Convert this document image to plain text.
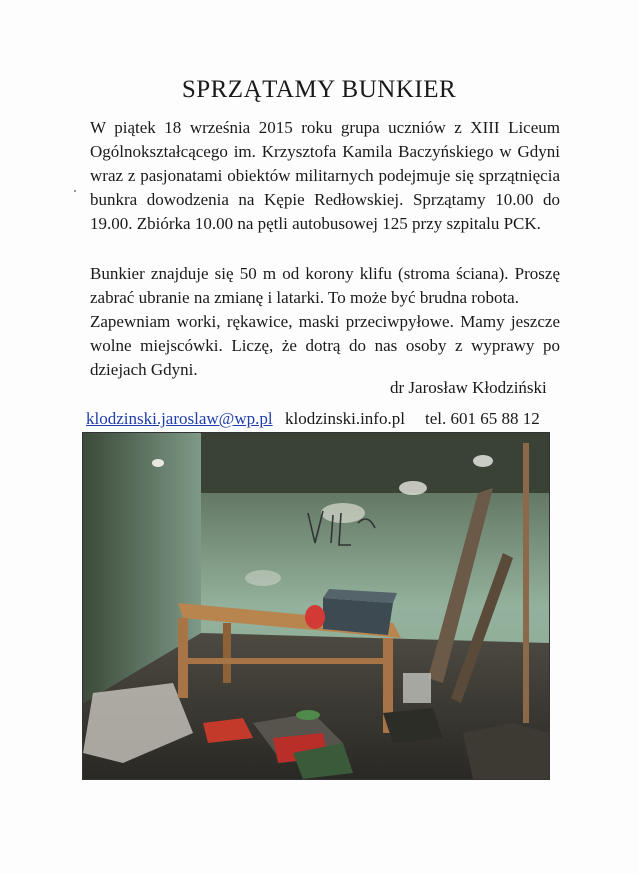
SPRZĄTAMY BUNKIER

W piątek 18 września 2015 roku grupa uczniów z XIII Liceum Ogólnokształcącego im. Krzysztofa Kamila Baczyńskiego w Gdyni wraz z pasjonatami obiektów militarnych podejmuje się sprzątnięcia bunkra dowodzenia na Kępie Redłowskiej. Sprzątamy 10.00 do 19.00. Zbiórka 10.00 na pętli autobusowej 125 przy szpitalu PCK.

Bunkier znajduje się 50 m od korony klifu (stroma ściana). Proszę zabrać ubranie na zmianę i latarki. To może być brudna robota.

Zapewniam worki, rękawice, maski przeciwpyłowe. Mamy jeszcze wolne miejscówki. Liczę, że dotrą do nas osoby z wyprawy po dziejach Gdyni.

dr Jarosław Kłodziński
klodzinski.jaroslaw@wp.pl klodzinski.info.pl tel. 601 65 88 12
